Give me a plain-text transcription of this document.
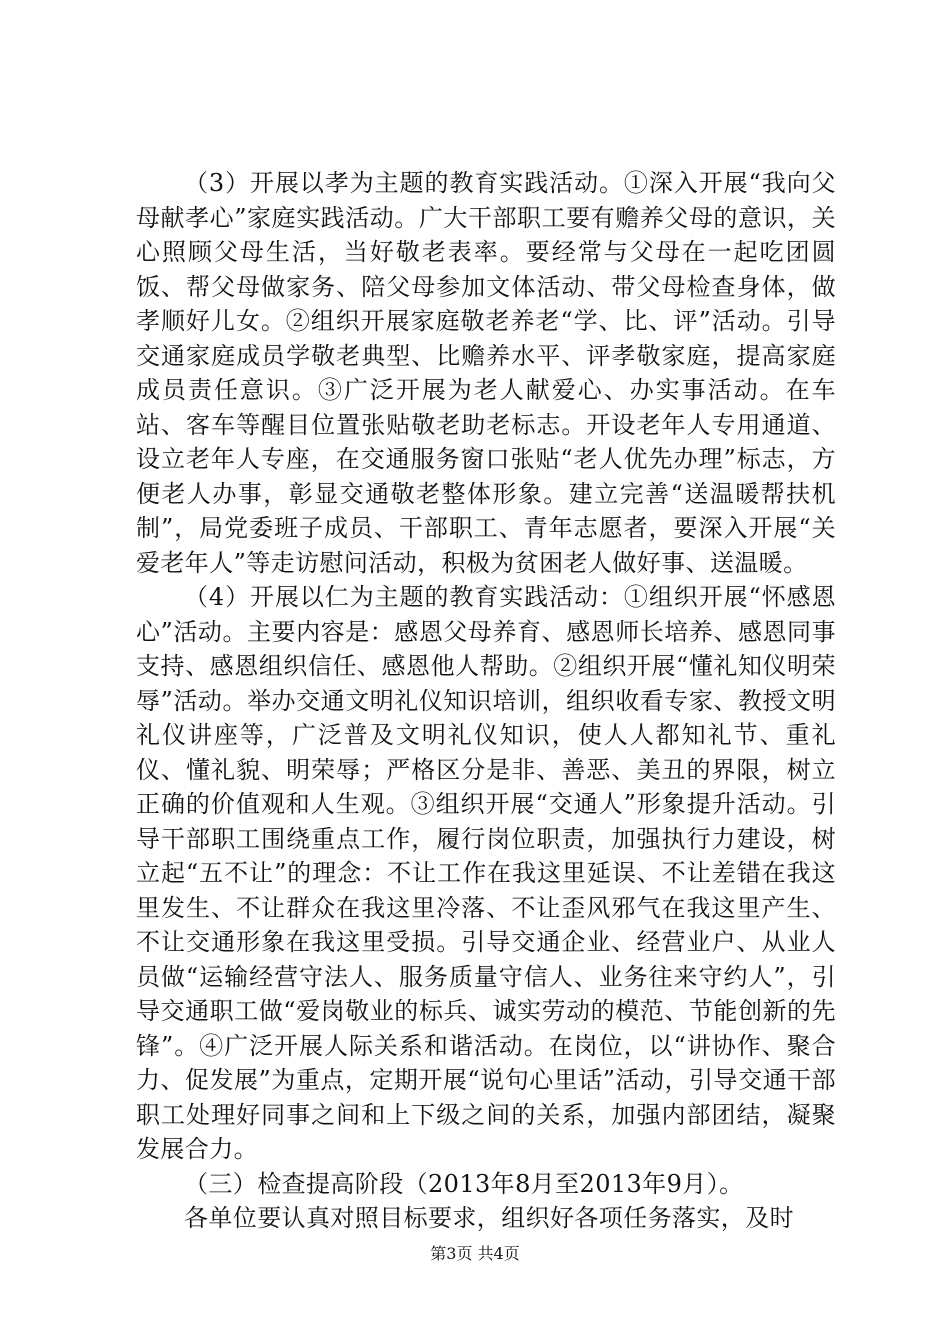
（3）开展以孝为主题的教育实践活动。①深入开展“我向父母献孝心”家庭实践活动。广大干部职工要有赡养父母的意识，关心照顾父母生活，当好敬老表率。要经常与父母在一起吃团圆饭、帮父母做家务、陪父母参加文体活动、带父母检查身体，做孝顺好儿女。②组织开展家庭敬老养老“学、比、评”活动。引导交通家庭成员学敬老典型、比赡养水平、评孝敬家庭，提高家庭成员责任意识。③广泛开展为老人献爱心、办实事活动。在车站、客车等醒目位置张贴敬老助老标志。开设老年人专用通道、设立老年人专座，在交通服务窗口张贴“老人优先办理”标志，方便老人办事，彰显交通敬老整体形象。建立完善“送温暖帮扶机制”，局党委班子成员、干部职工、青年志愿者，要深入开展“关爱老年人”等走访慰问活动，积极为贫困老人做好事、送温暖。

（4）开展以仁为主题的教育实践活动：①组织开展“怀感恩心”活动。主要内容是：感恩父母养育、感恩师长培养、感恩同事支持、感恩组织信任、感恩他人帮助。②组织开展“懂礼知仪明荣辱”活动。举办交通文明礼仪知识培训，组织收看专家、教授文明礼仪讲座等，广泛普及文明礼仪知识，使人人都知礼节、重礼仪、懂礼貌、明荣辱；严格区分是非、善恶、美丑的界限，树立正确的价值观和人生观。③组织开展“交通人”形象提升活动。引导干部职工围绕重点工作，履行岗位职责，加强执行力建设，树立起“五不让”的理念：不让工作在我这里延误、不让差错在我这里发生、不让群众在我这里冷落、不让歪风邪气在我这里产生、不让交通形象在我这里受损。引导交通企业、经营业户、从业人员做“运输经营守法人、服务质量守信人、业务往来守约人”，引导交通职工做“爱岗敬业的标兵、诚实劳动的模范、节能创新的先锋”。④广泛开展人际关系和谐活动。在岗位，以“讲协作、聚合力、促发展”为重点，定期开展“说句心里话”活动，引导交通干部职工处理好同事之间和上下级之间的关系，加强内部团结，凝聚发展合力。

（三）检查提高阶段（2013年8月至2013年9月）。

各单位要认真对照目标要求，组织好各项任务落实，及时

第3页 共4页
